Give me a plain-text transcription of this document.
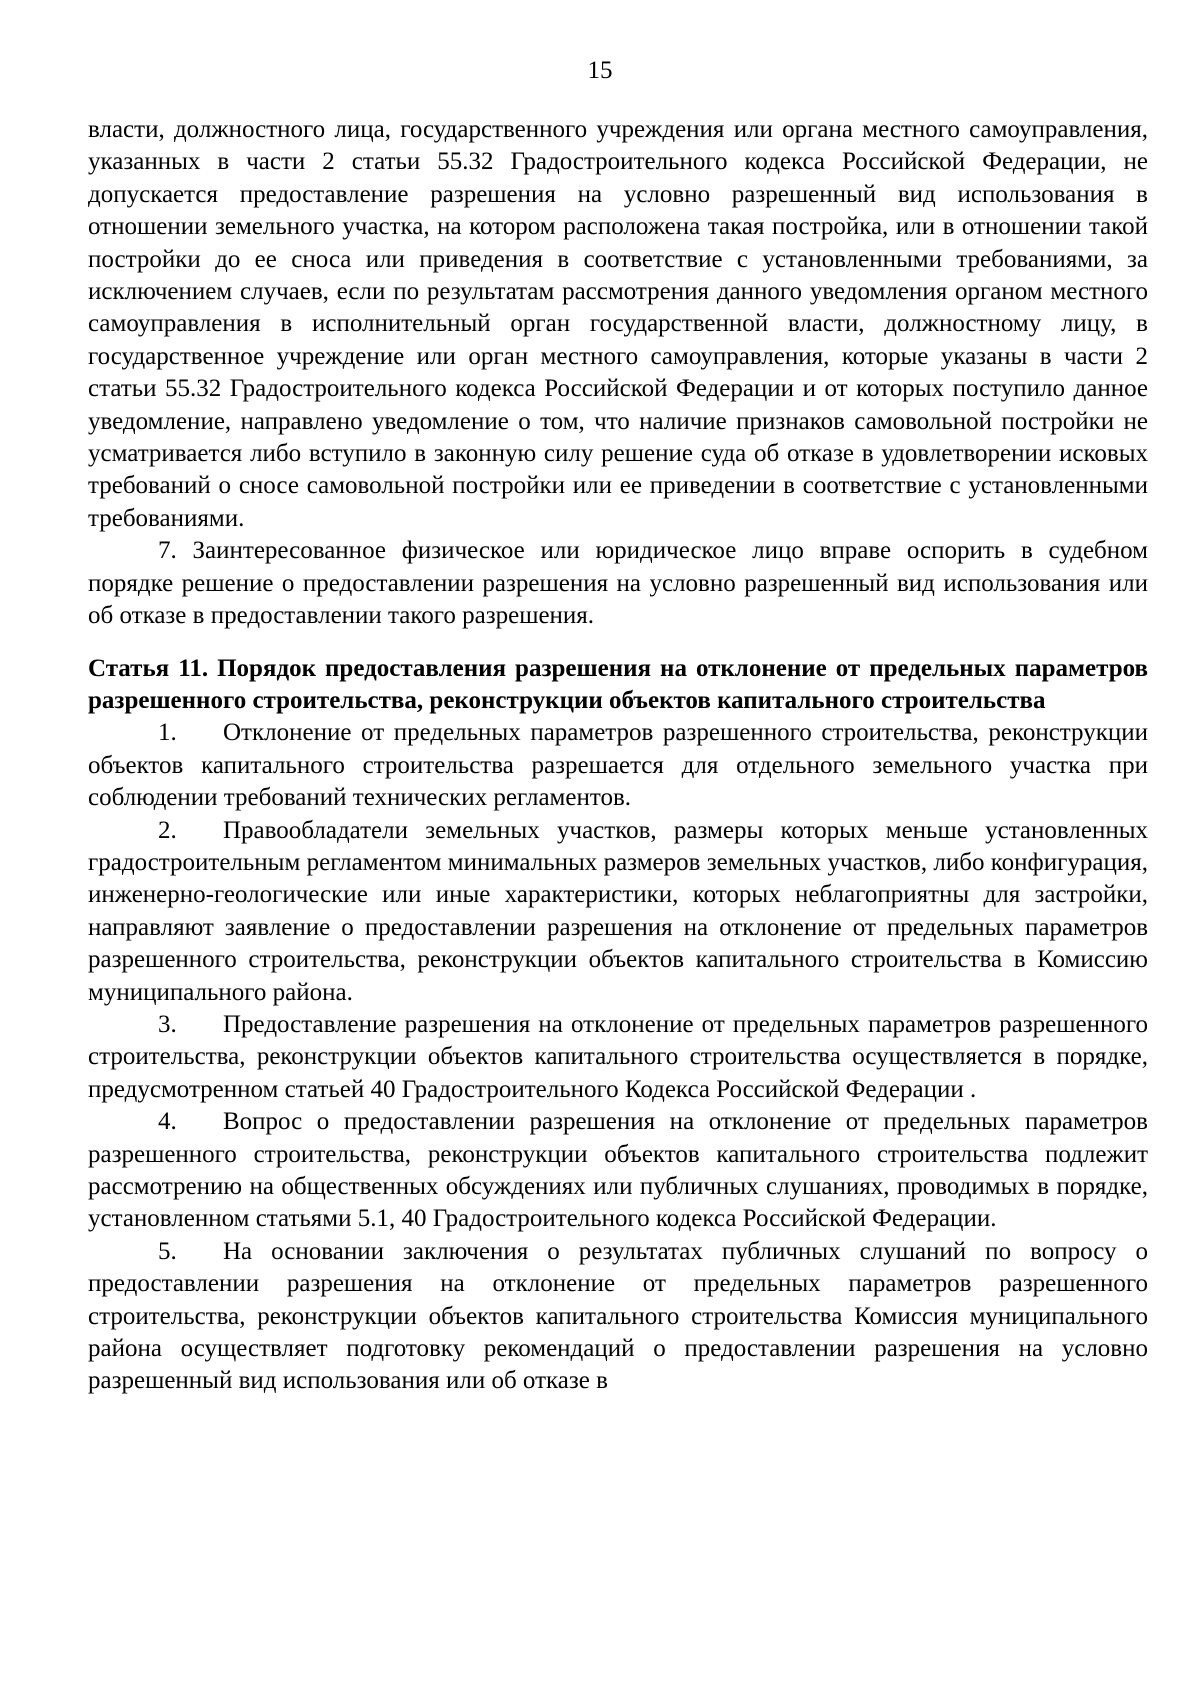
15

власти, должностного лица, государственного учреждения или органа местного самоуправления, указанных в части 2 статьи 55.32 Градостроительного кодекса Российской Федерации, не допускается предоставление разрешения на условно разрешенный вид использования в отношении земельного участка, на котором расположена такая постройка, или в отношении такой постройки до ее сноса или приведения в соответствие с установленными требованиями, за исключением случаев, если по результатам рассмотрения данного уведомления органом местного самоуправления в исполнительный орган государственной власти, должностному лицу, в государственное учреждение или орган местного самоуправления, которые указаны в части 2 статьи 55.32 Градостроительного кодекса Российской Федерации и от которых поступило данное уведомление, направлено уведомление о том, что наличие признаков самовольной постройки не усматривается либо вступило в законную силу решение суда об отказе в удовлетворении исковых требований о сносе самовольной постройки или ее приведении в соответствие с установленными требованиями.

7. Заинтересованное физическое или юридическое лицо вправе оспорить в судебном порядке решение о предоставлении разрешения на условно разрешенный вид использования или об отказе в предоставлении такого разрешения.

Статья 11. Порядок предоставления разрешения на отклонение от предельных параметров разрешенного строительства, реконструкции объектов капитального строительства

1. Отклонение от предельных параметров разрешенного строительства, реконструкции объектов капитального строительства разрешается для отдельного земельного участка при соблюдении требований технических регламентов.

2. Правообладатели земельных участков, размеры которых меньше установленных градостроительным регламентом минимальных размеров земельных участков, либо конфигурация, инженерно-геологические или иные характеристики, которых неблагоприятны для застройки, направляют заявление о предоставлении разрешения на отклонение от предельных параметров разрешенного строительства, реконструкции объектов капитального строительства в Комиссию муниципального района.

3. Предоставление разрешения на отклонение от предельных параметров разрешенного строительства, реконструкции объектов капитального строительства осуществляется в порядке, предусмотренном статьей 40 Градостроительного Кодекса Российской Федерации .

4. Вопрос о предоставлении разрешения на отклонение от предельных параметров разрешенного строительства, реконструкции объектов капитального строительства подлежит рассмотрению на общественных обсуждениях или публичных слушаниях, проводимых в порядке, установленном статьями 5.1, 40 Градостроительного кодекса Российской Федерации.

5. На основании заключения о результатах публичных слушаний по вопросу о предоставлении разрешения на отклонение от предельных параметров разрешенного строительства, реконструкции объектов капитального строительства Комиссия муниципального района осуществляет подготовку рекомендаций о предоставлении разрешения на условно разрешенный вид использования или об отказе в
